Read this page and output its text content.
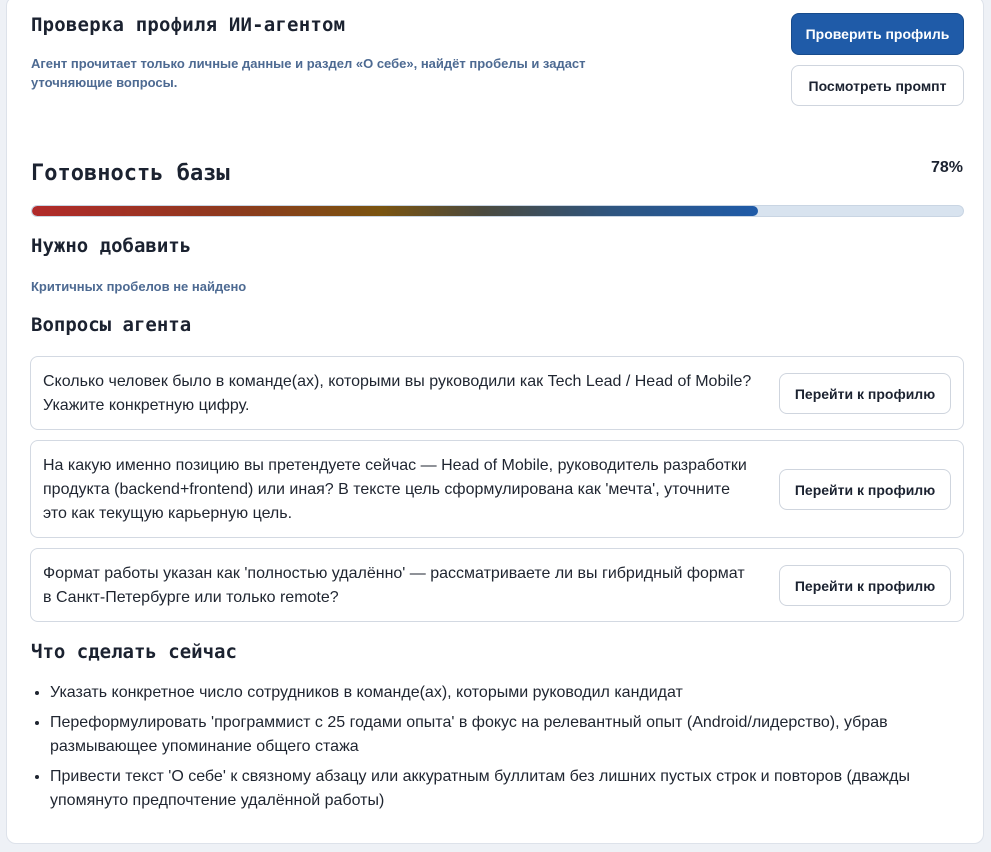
Проверка профиля ИИ-агентом
Агент прочитает только личные данные и раздел «О себе», найдёт пробелы и задаст уточняющие вопросы.
Проверить профиль
Посмотреть промпт
Готовность базы	78%
Нужно добавить
Критичных пробелов не найдено
Вопросы агента
Сколько человек было в команде(ах), которыми вы руководили как Tech Lead / Head of Mobile? Укажите конкретную цифру.
Перейти к профилю
На какую именно позицию вы претендуете сейчас — Head of Mobile, руководитель разработки продукта (backend+frontend) или иная? В тексте цель сформулирована как 'мечта', уточните это как текущую карьерную цель.
Перейти к профилю
Формат работы указан как 'полностью удалённо' — рассматриваете ли вы гибридный формат в Санкт-Петербурге или только remote?
Перейти к профилю
Что сделать сейчас
• Указать конкретное число сотрудников в команде(ах), которыми руководил кандидат
• Переформулировать 'программист с 25 годами опыта' в фокус на релевантный опыт (Android/лидерство), убрав размывающее упоминание общего стажа
• Привести текст 'О себе' к связному абзацу или аккуратным буллитам без лишних пустых строк и повторов (дважды упомянуто предпочтение удалённой работы)
